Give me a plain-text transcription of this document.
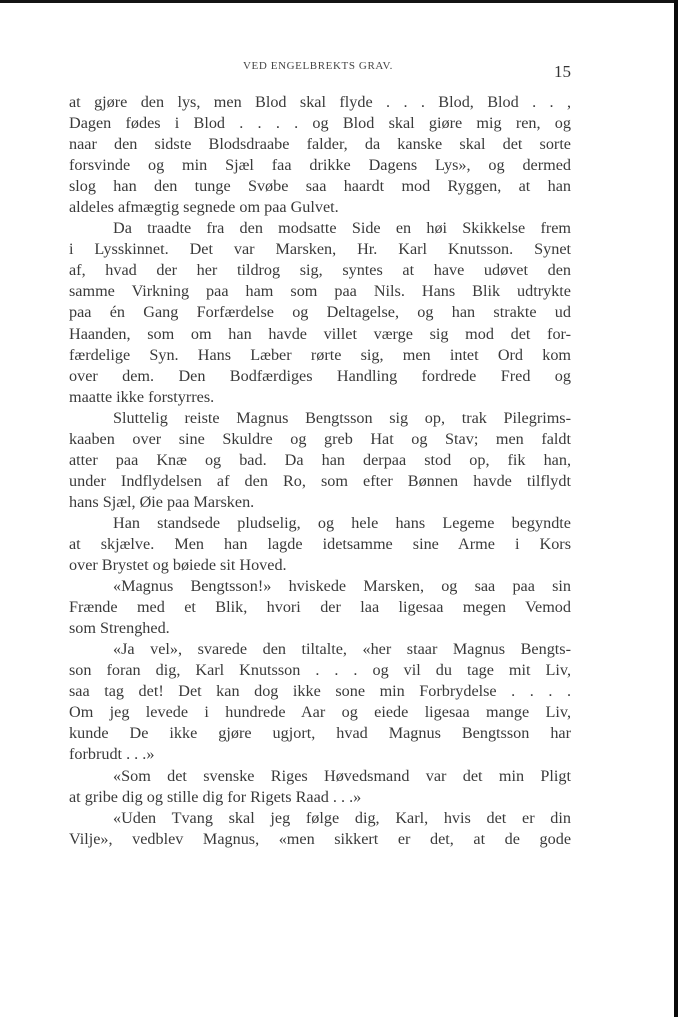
VED ENGELBREKTS GRAV.	15

at gjøre den lys, men Blod skal flyde . . . Blod, Blod . . ,

Dagen fødes i Blod . . . . og Blod skal giøre mig ren, og

naar den sidste Blodsdraabe falder, da kanske skal det sorte

forsvinde og min Sjæl faa drikke Dagens Lys», og dermed

slog han den tunge Svøbe saa haardt mod Ryggen, at han

aldeles afmægtig segnede om paa Gulvet.

Da traadte fra den modsatte Side en høi Skikkelse frem

i Lysskinnet. Det var Marsken, Hr. Karl Knutsson. Synet

af, hvad der her tildrog sig, syntes at have udøvet den

samme Virkning paa ham som paa Nils. Hans Blik udtrykte

paa én Gang Forfærdelse og Deltagelse, og han strakte ud

Haanden, som om han havde villet værge sig mod det for-

færdelige Syn. Hans Læber rørte sig, men intet Ord kom

over dem. Den Bodfærdiges Handling fordrede Fred og

maatte ikke forstyrres.

Sluttelig reiste Magnus Bengtsson sig op, trak Pilegrims-

kaaben over sine Skuldre og greb Hat og Stav; men faldt

atter paa Knæ og bad. Da han derpaa stod op, fik han,

under Indflydelsen af den Ro, som efter Bønnen havde tilflydt

hans Sjæl, Øie paa Marsken.

Han standsede pludselig, og hele hans Legeme begyndte

at skjælve. Men han lagde idetsamme sine Arme i Kors

over Brystet og bøiede sit Hoved.

«Magnus Bengtsson!» hviskede Marsken, og saa paa sin

Frænde med et Blik, hvori der laa ligesaa megen Vemod

som Strenghed.

«Ja vel», svarede den tiltalte, «her staar Magnus Bengts-

son foran dig, Karl Knutsson . . . og vil du tage mit Liv,

saa tag det! Det kan dog ikke sone min Forbrydelse . . . .

Om jeg levede i hundrede Aar og eiede ligesaa mange Liv,

kunde De ikke gjøre ugjort, hvad Magnus Bengtsson har

forbrudt . . .»

«Som det svenske Riges Høvedsmand var det min Pligt

at gribe dig og stille dig for Rigets Raad . . .»

«Uden Tvang skal jeg følge dig, Karl, hvis det er din

Vilje», vedblev Magnus, «men sikkert er det, at de gode
